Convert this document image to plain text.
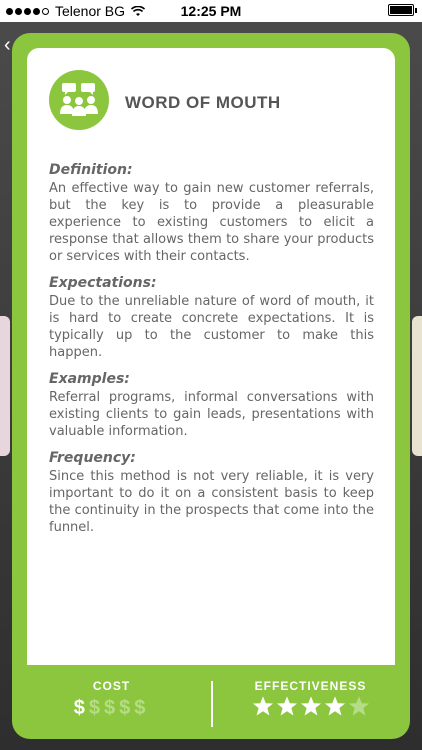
Telenor BG	12:25 PM
‹
WORD OF MOUTH
Definition:

An effective way to gain new customer referrals, but the key is to provide a pleasurable experience to existing customers to elicit a response that allows them to share your products or services with their contacts.

Expectations:

Due to the unreliable nature of word of mouth, it is hard to create concrete expectations. It is typically up to the customer to make this happen.

Examples:

Referral programs, informal conversations with existing clients to gain leads, presentations with valuable information.

Frequency:

Since this method is not very reliable, it is very important to do it on a consistent basis to keep the continuity in the prospects that come into the funnel.

COST
$$$$$
EFFECTIVENESS
